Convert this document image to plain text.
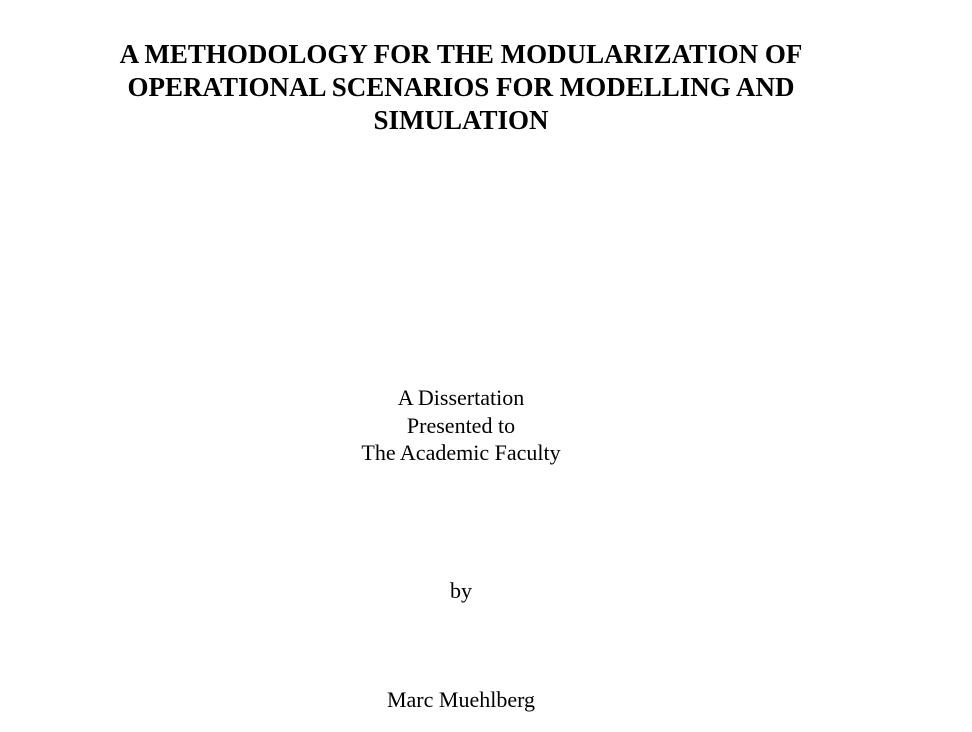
A METHODOLOGY FOR THE MODULARIZATION OF
OPERATIONAL SCENARIOS FOR MODELLING AND
SIMULATION
A Dissertation
Presented to
The Academic Faculty
by
Marc Muehlberg
